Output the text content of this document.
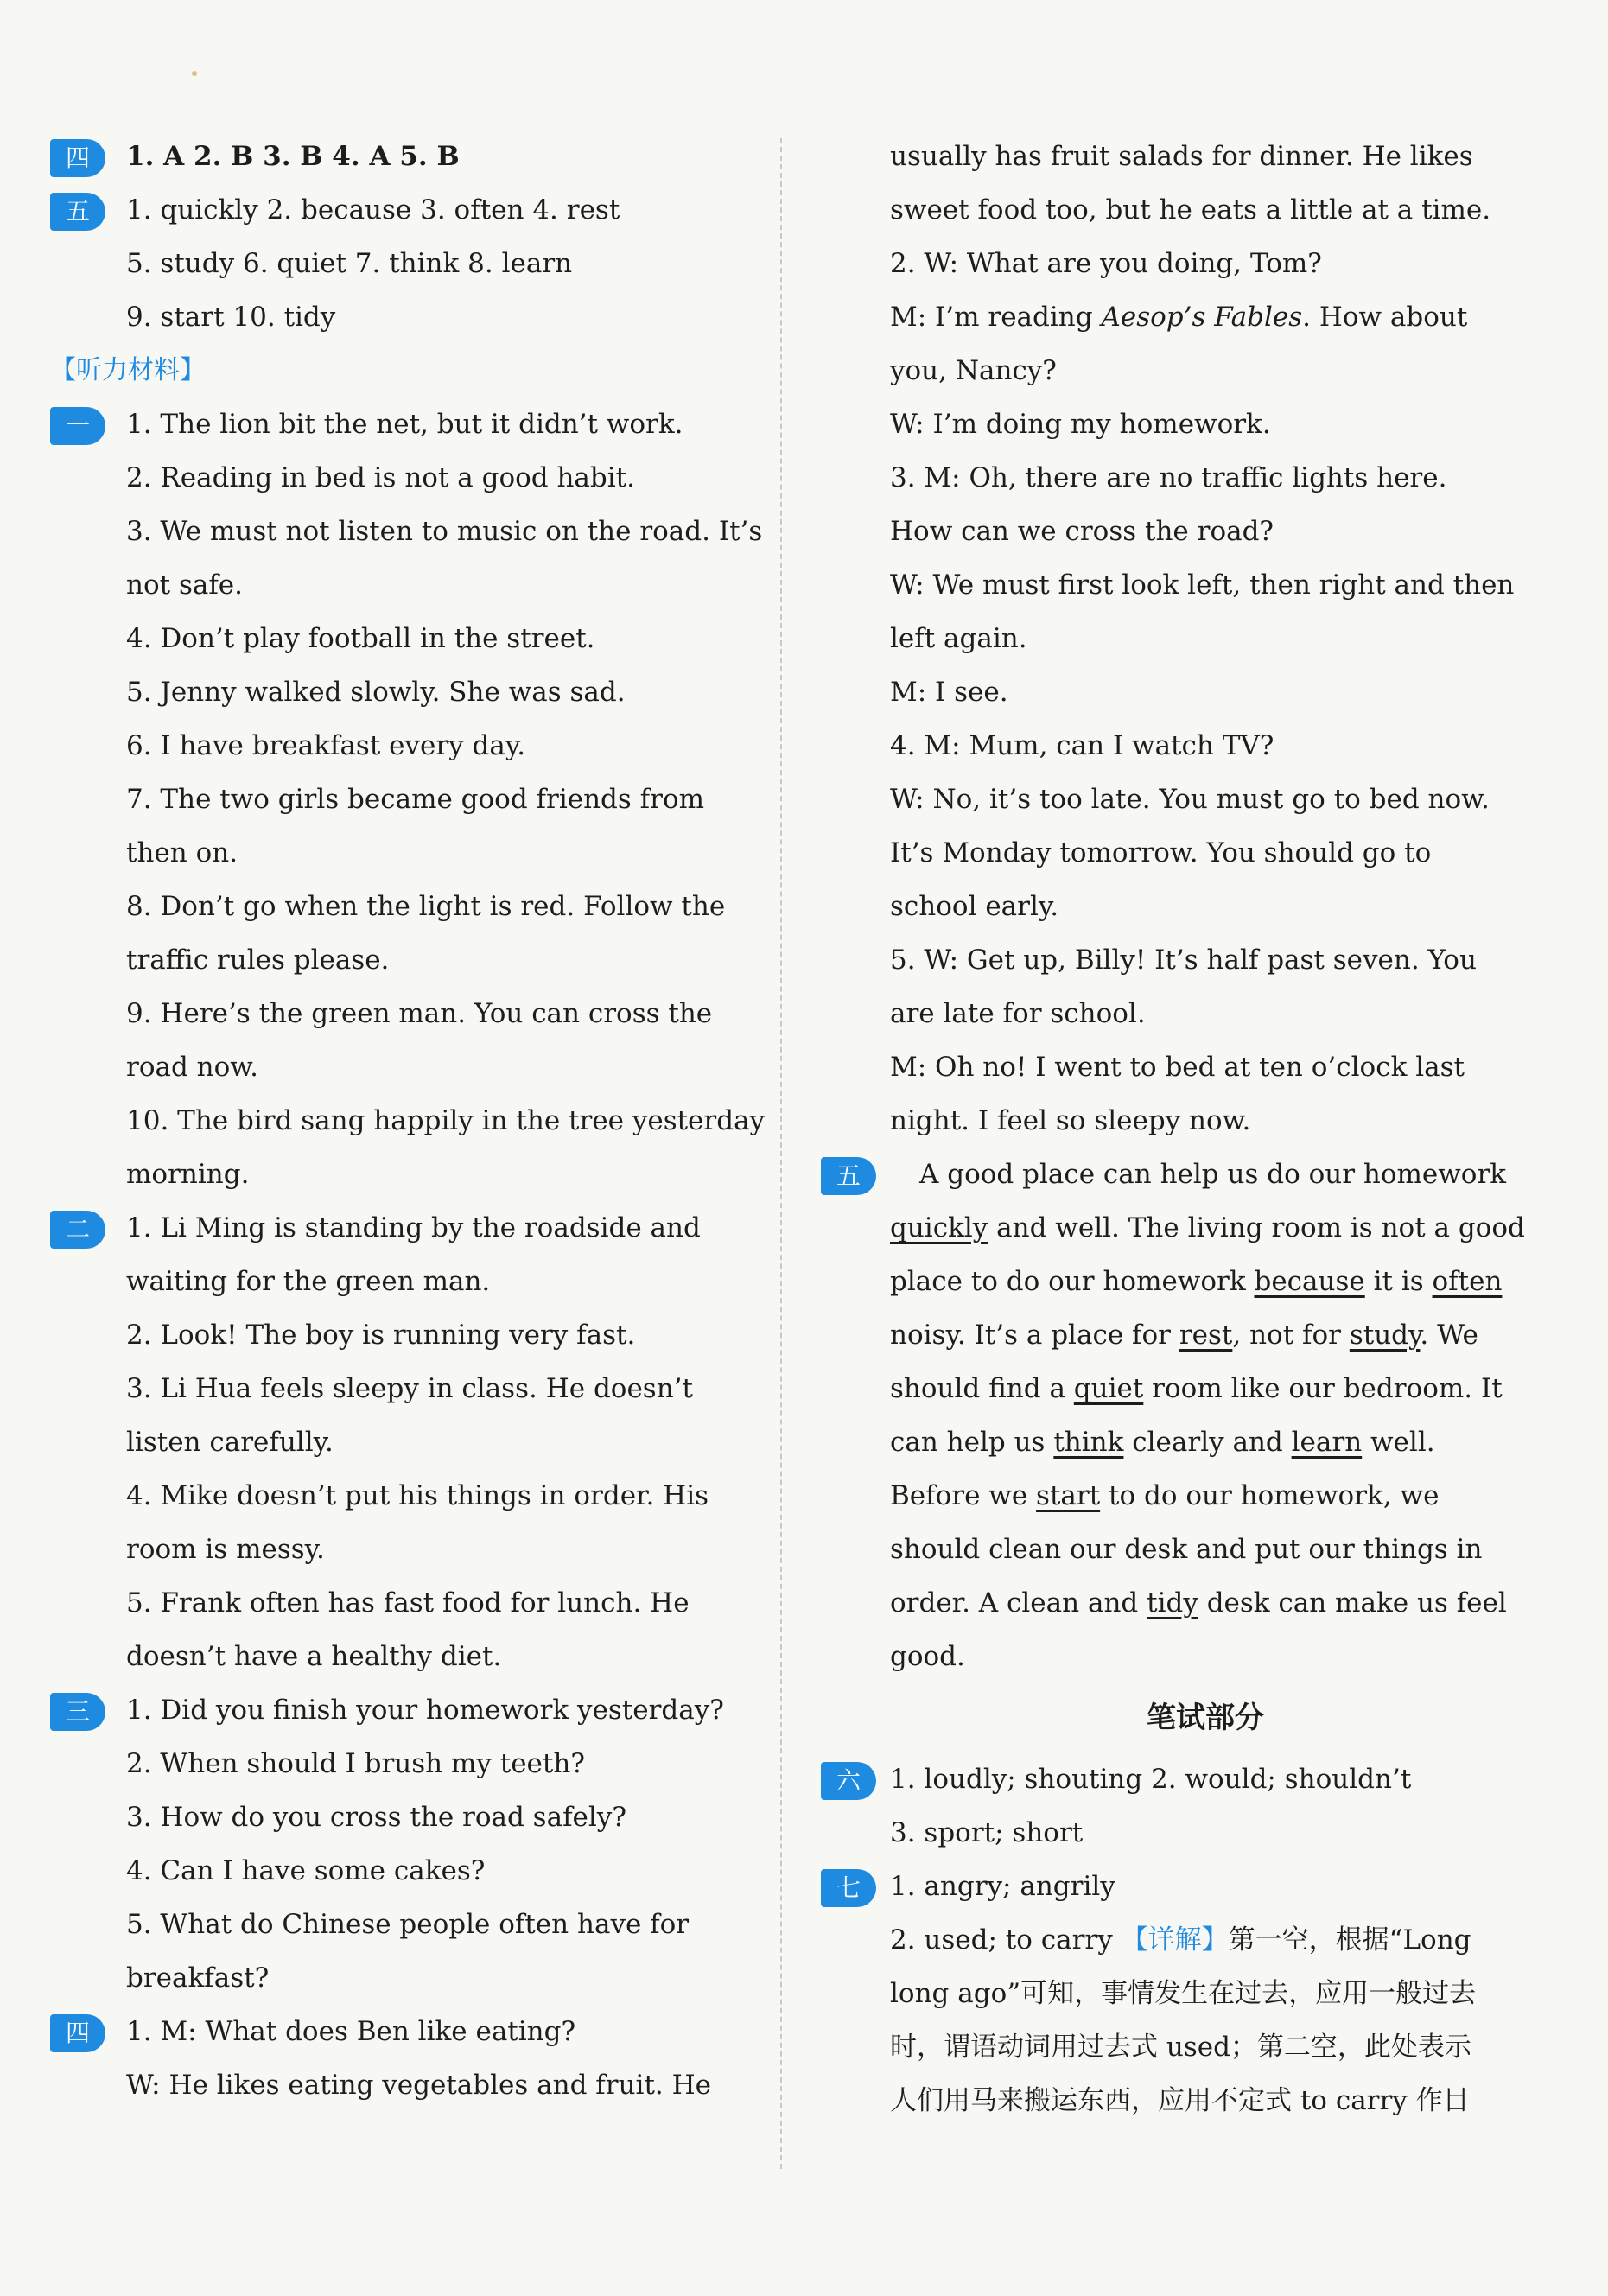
四 1. A 2. B 3. B 4. A 5. B
五 1. quickly 2. because 3. often 4. rest
5. study 6. quiet 7. think 8. learn
9. start 10. tidy
【听力材料】
一 1. The lion bit the net, but it didn’t work.
2. Reading in bed is not a good habit.
3. We must not listen to music on the road. It’s
not safe.
4. Don’t play football in the street.
5. Jenny walked slowly. She was sad.
6. I have breakfast every day.
7. The two girls became good friends from
then on.
8. Don’t go when the light is red. Follow the
traffic rules please.
9. Here’s the green man. You can cross the
road now.
10. The bird sang happily in the tree yesterday
morning.
二 1. Li Ming is standing by the roadside and
waiting for the green man.
2. Look! The boy is running very fast.
3. Li Hua feels sleepy in class. He doesn’t
listen carefully.
4. Mike doesn’t put his things in order. His
room is messy.
5. Frank often has fast food for lunch. He
doesn’t have a healthy diet.
三 1. Did you finish your homework yesterday?
2. When should I brush my teeth?
3. How do you cross the road safely?
4. Can I have some cakes?
5. What do Chinese people often have for
breakfast?
四 1. M: What does Ben like eating?
W: He likes eating vegetables and fruit. He
usually has fruit salads for dinner. He likes
sweet food too, but he eats a little at a time.
2. W: What are you doing, Tom?
M: I’m reading Aesop’s Fables. How about
you, Nancy?
W: I’m doing my homework.
3. M: Oh, there are no traffic lights here.
How can we cross the road?
W: We must first look left, then right and then
left again.
M: I see.
4. M: Mum, can I watch TV?
W: No, it’s too late. You must go to bed now.
It’s Monday tomorrow. You should go to
school early.
5. W: Get up, Billy! It’s half past seven. You
are late for school.
M: Oh no! I went to bed at ten o’clock last
night. I feel so sleepy now.
五 A good place can help us do our homework
quickly and well. The living room is not a good
place to do our homework because it is often
noisy. It’s a place for rest, not for study. We
should find a quiet room like our bedroom. It
can help us think clearly and learn well.
Before we start to do our homework, we
should clean our desk and put our things in
order. A clean and tidy desk can make us feel
good.
笔试部分
六 1. loudly; shouting 2. would; shouldn’t
3. sport; short
七 1. angry; angrily
2. used; to carry 【详解】第一空，根据“Long
long ago”可知，事情发生在过去，应用一般过去
时，谓语动词用过去式 used；第二空，此处表示
人们用马来搬运东西，应用不定式 to carry 作目
